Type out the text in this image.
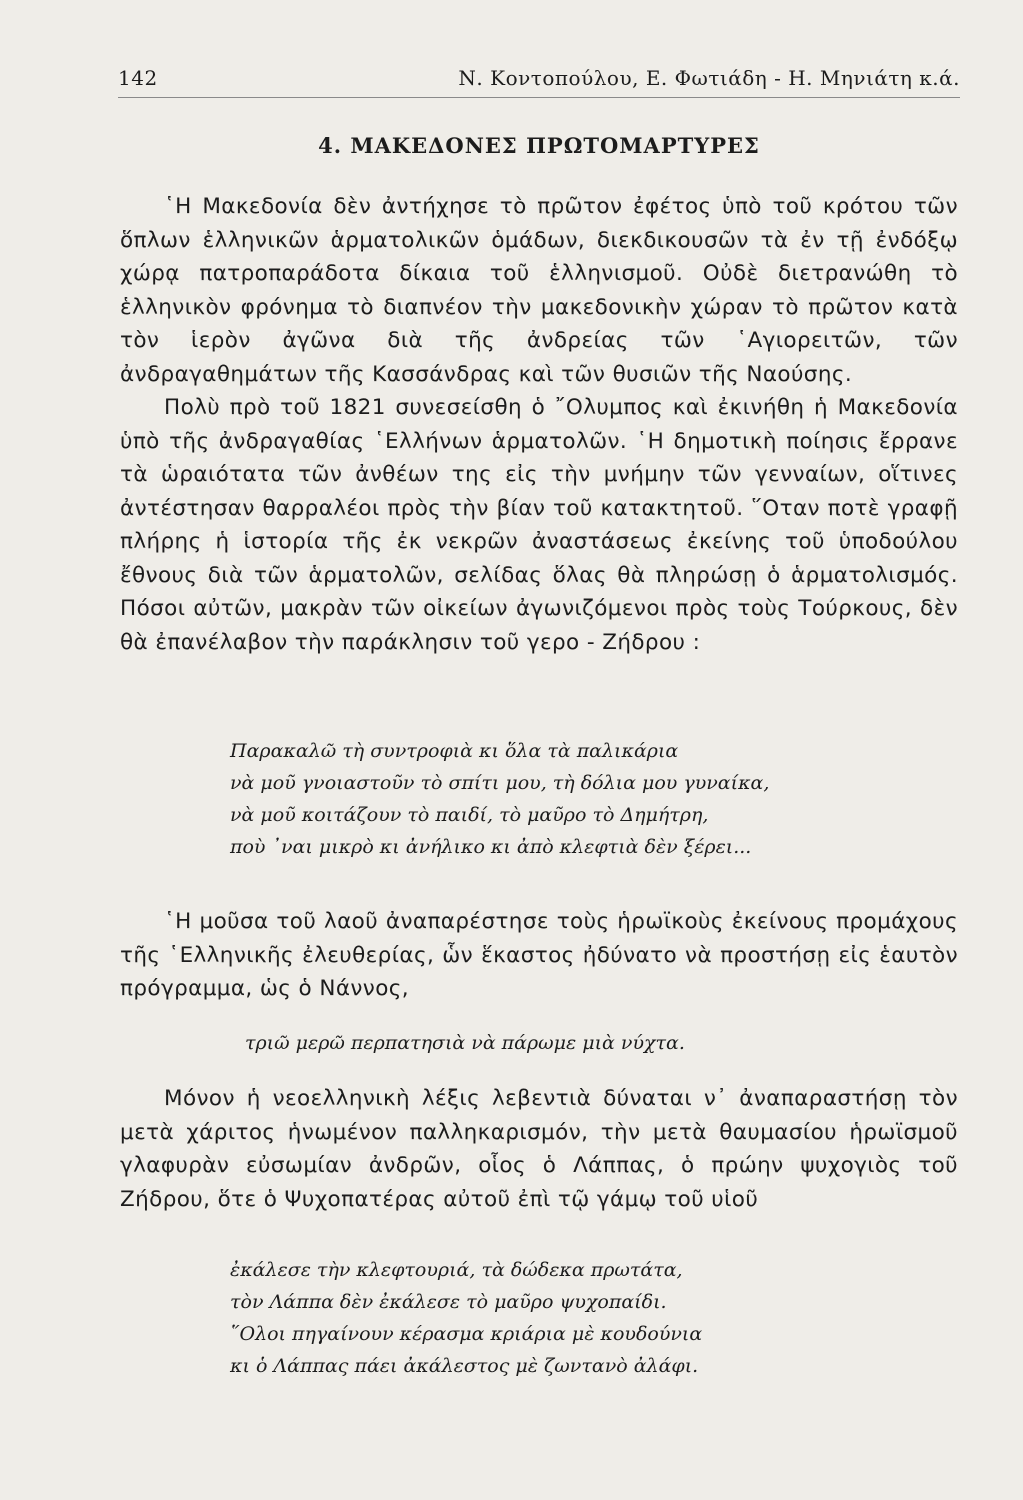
142	Ν. Κοντοπούλου, Ε. Φωτιάδη - Η. Μηνιάτη κ.ά.
4. ΜΑΚΕΔΟΝΕΣ ΠΡΩΤΟΜΑΡΤΥΡΕΣ

῾Η Μακεδονία δὲν ἀντήχησε τὸ πρῶτον ἐφέτος ὑπὸ τοῦ κρότου τῶν ὅπλων ἑλληνικῶν ἁρματολικῶν ὁμάδων, διεκδικουσῶν τὰ ἐν τῇ ἐνδόξῳ χώρᾳ πατροπαράδοτα δίκαια τοῦ ἑλληνισμοῦ. Οὐδὲ διετρανώθη τὸ ἑλληνικὸν φρόνημα τὸ διαπνέον τὴν μακεδονικὴν χώραν τὸ πρῶτον κατὰ τὸν ἱερὸν ἀγῶνα διὰ τῆς ἀνδρείας τῶν ῾Αγιορειτῶν, τῶν ἀνδραγαθημάτων τῆς Κασσάνδρας καὶ τῶν θυσιῶν τῆς Ναούσης.

Πολὺ πρὸ τοῦ 1821 συνεσείσθη ὁ ῎Ολυμπος καὶ ἐκινήθη ἡ Μακεδονία ὑπὸ τῆς ἀνδραγαθίας ῾Ελλήνων ἁρματολῶν. ῾Η δημοτικὴ ποίησις ἔρρανε τὰ ὡραιότατα τῶν ἀνθέων της εἰς τὴν μνήμην τῶν γενναίων, οἵτινες ἀντέστησαν θαρραλέοι πρὸς τὴν βίαν τοῦ κατακτητοῦ. ῞Οταν ποτὲ γραφῇ πλήρης ἡ ἱστορία τῆς ἐκ νεκρῶν ἀναστάσεως ἐκείνης τοῦ ὑποδούλου ἔθνους διὰ τῶν ἁρματολῶν, σελίδας ὅλας θὰ πληρώσῃ ὁ ἁρματολισμός. Πόσοι αὐτῶν, μακρὰν τῶν οἰκείων ἀγωνιζόμενοι πρὸς τοὺς Τούρκους, δὲν θὰ ἐπανέλαβον τὴν παράκλησιν τοῦ γερο - Ζήδρου :

Παρακαλῶ τὴ συντροφιὰ κι ὅλα τὰ παλικάρια
νὰ μοῦ γνοιαστοῦν τὸ σπίτι μου, τὴ δόλια μου γυναίκα,
νὰ μοῦ κοιτάζουν τὸ παιδί, τὸ μαῦρο τὸ Δημήτρη,
ποὺ ᾽ναι μικρὸ κι ἀνήλικο κι ἀπὸ κλεφτιὰ δὲν ξέρει...

῾Η μοῦσα τοῦ λαοῦ ἀναπαρέστησε τοὺς ἡρωϊκοὺς ἐκείνους προμάχους τῆς ῾Ελληνικῆς ἐλευθερίας, ὧν ἕκαστος ἠδύνατο νὰ προστήσῃ εἰς ἑαυτὸν πρόγραμμα, ὡς ὁ Νάννος,

τριῶ μερῶ περπατησιὰ νὰ πάρωμε μιὰ νύχτα.

Μόνον ἡ νεοελληνικὴ λέξις λεβεντιὰ δύναται ν᾽ ἀναπαραστήσῃ τὸν μετὰ χάριτος ἡνωμένον παλληκαρισμόν, τὴν μετὰ θαυμασίου ἡρωϊσμοῦ γλαφυρὰν εὐσωμίαν ἀνδρῶν, οἷος ὁ Λάππας, ὁ πρώην ψυχογιὸς τοῦ Ζήδρου, ὅτε ὁ Ψυχοπατέρας αὐτοῦ ἐπὶ τῷ γάμῳ τοῦ υἱοῦ

ἐκάλεσε τὴν κλεφτουριά, τὰ δώδεκα πρωτάτα,
τὸν Λάππα δὲν ἐκάλεσε τὸ μαῦρο ψυχοπαίδι.
῞Ολοι πηγαίνουν κέρασμα κριάρια μὲ κουδούνια
κι ὁ Λάππας πάει ἀκάλεστος μὲ ζωντανὸ ἀλάφι.
